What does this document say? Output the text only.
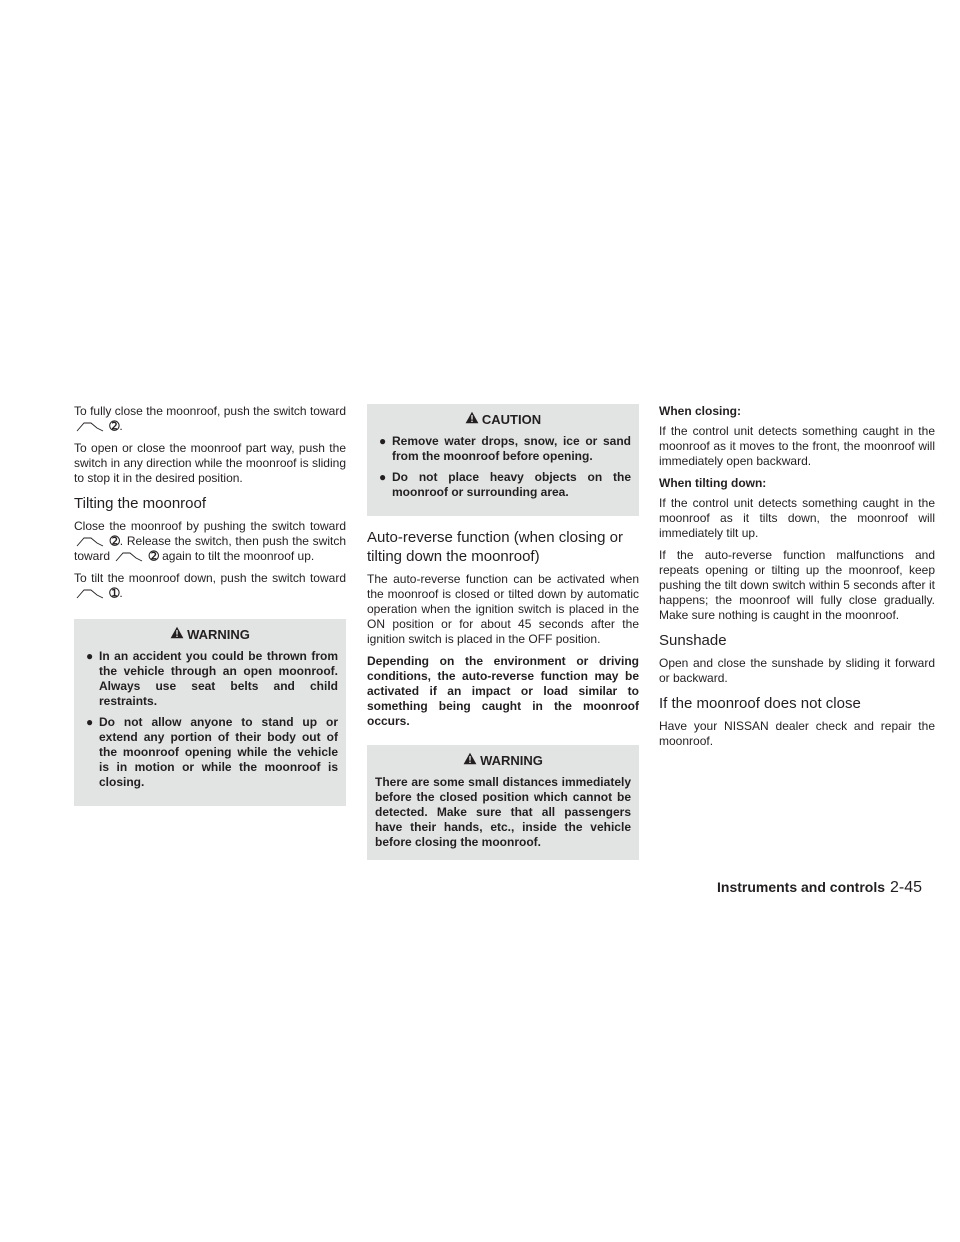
To fully close the moonroof, push the switch toward
➁.

To open or close the moonroof part way, push the switch in any direction while the moonroof is sliding to stop it in the desired position.

Tilting the moonroof

Close the moonroof by pushing the switch toward
➁. Release the switch, then push the switch toward	➁ again to tilt the moonroof up.

To tilt the moonroof down, push the switch toward
➀.

WARNING
● In an accident you could be thrown from the vehicle through an open moonroof. Always use seat belts and child restraints.
● Do not allow anyone to stand up or extend any portion of their body out of the moonroof opening while the vehicle is in motion or while the moonroof is closing.
CAUTION
● Remove water drops, snow, ice or sand from the moonroof before opening.
● Do not place heavy objects on the moonroof or surrounding area.
Auto-reverse function (when closing or tilting down the moonroof)

The auto-reverse function can be activated when the moonroof is closed or tilted down by automatic operation when the ignition switch is placed in the ON position or for about 45 seconds after the ignition switch is placed in the OFF position.

Depending on the environment or driving conditions, the auto-reverse function may be activated if an impact or load similar to something being caught in the moonroof occurs.

WARNING

There are some small distances immediately before the closed position which cannot be detected. Make sure that all passengers have their hands, etc., inside the vehicle before closing the moonroof.

When closing:

If the control unit detects something caught in the moonroof as it moves to the front, the moonroof will immediately open backward.

When tilting down:

If the control unit detects something caught in the moonroof as it tilts down, the moonroof will immediately tilt up.

If the auto-reverse function malfunctions and repeats opening or tilting up the moonroof, keep pushing the tilt down switch within 5 seconds after it happens; the moonroof will fully close gradually. Make sure nothing is caught in the moonroof.

Sunshade

Open and close the sunshade by sliding it forward or backward.

If the moonroof does not close

Have your NISSAN dealer check and repair the moonroof.

Instruments and controls 2-45
